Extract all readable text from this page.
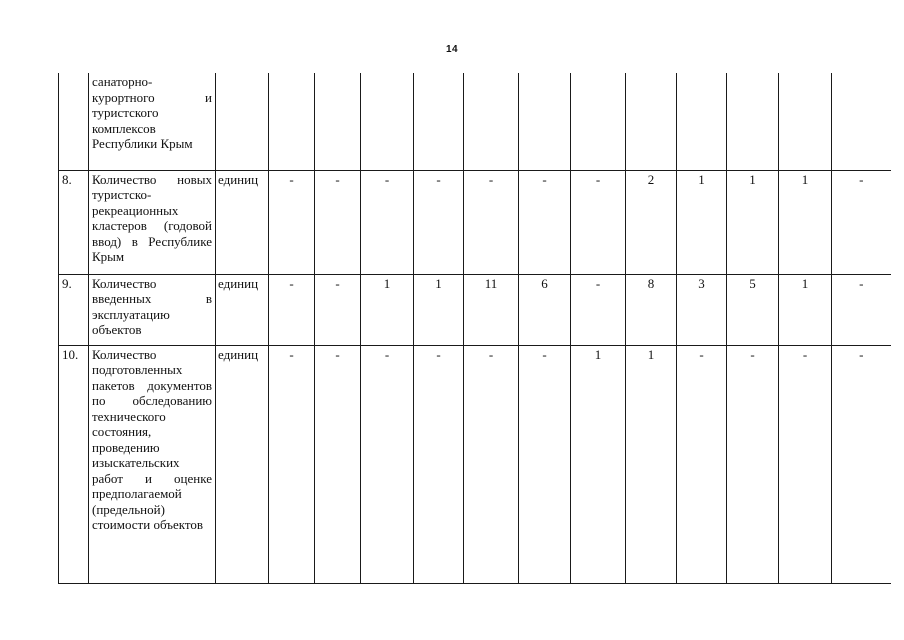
14
	санаторно-курортного и туристского комплексов Республики Крым													
8.	Количество новых туристско-рекреационных кластеров (годовой ввод) в Республике Крым	единиц	-	-	-	-	-	-	-	2	1	1	1	-
9.	Количество введенных в эксплуатацию объектов	единиц	-	-	1	1	11	6	-	8	3	5	1	-
10.	Количество подготовленных пакетов документов по обследованию технического состояния, проведению изыскательских работ и оценке предполагаемой (предельной) стоимости объектов	единиц	-	-	-	-	-	-	1	1	-	-	-	-
